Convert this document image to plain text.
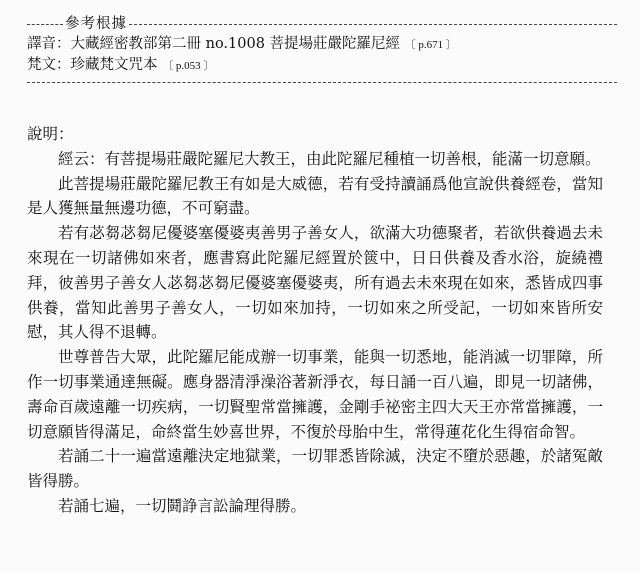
參考根據
譯音：大藏經密教部第二冊 no.1008 菩提場莊嚴陀羅尼經 〔 p.671 〕
梵文：珍藏梵文咒本 〔 p.053 〕

說明：

經云：有菩提場莊嚴陀羅尼大教王，由此陀羅尼種植一切善根，能滿一切意願。

此菩提場莊嚴陀羅尼教王有如是大威德，若有受持讀誦爲他宣說供養經卷，當知是人獲無量無邊功德，不可窮盡。

若有苾芻苾芻尼優婆塞優婆夷善男子善女人，欲滿大功德聚者，若欲供養過去未來現在一切諸佛如來者，應書寫此陀羅尼經置於篋中，日日供養及香水浴，旋繞禮拜，彼善男子善女人苾芻苾芻尼優婆塞優婆夷，所有過去未來現在如來，悉皆成四事供養，當知此善男子善女人，一切如來加持，一切如來之所受記，一切如來皆所安慰，其人得不退轉。

世尊普告大眾，此陀羅尼能成辦一切事業，能與一切悉地，能消滅一切罪障，所作一切事業通達無礙。應身器清淨澡浴著新淨衣，每日誦一百八遍，即見一切諸佛，壽命百歲遠離一切疾病，一切賢聖常當擁護，金剛手祕密主四大天王亦常當擁護，一切意願皆得滿足，命終當生妙喜世界，不復於母胎中生，常得蓮花化生得宿命智。

若誦二十一遍當遠離決定地獄業，一切罪悉皆除滅，決定不墮於惡趣，於諸冤敵皆得勝。

若誦七遍，一切鬪諍言訟論理得勝。
